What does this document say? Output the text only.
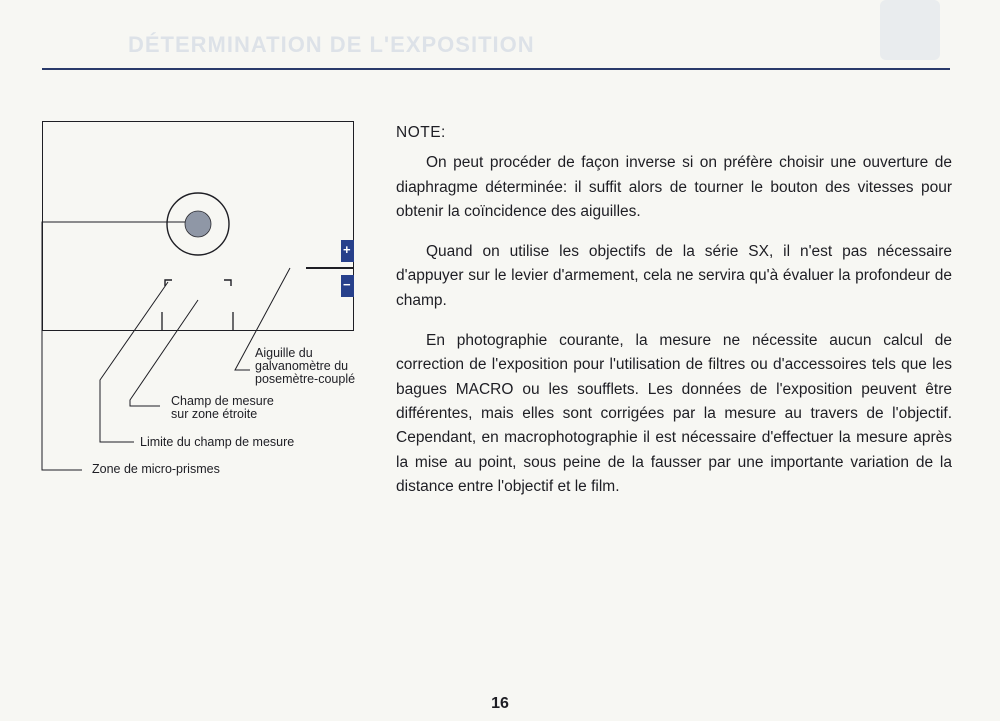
DÉTERMINATION DE L'EXPOSITION
+
−
Aiguille du
galvanomètre du
posemètre-couplé
Champ de mesure
sur zone étroite
Limite du champ de mesure
Zone de micro-prismes

NOTE:

On peut procéder de façon inverse si on préfère choisir une ouverture de diaphragme déterminée: il suffit alors de tourner le bouton des vitesses pour obtenir la coïncidence des aiguilles.

Quand on utilise les objectifs de la série SX, il n'est pas nécessaire d'appuyer sur le levier d'armement, cela ne servira qu'à évaluer la profondeur de champ.

En photographie courante, la mesure ne nécessite aucun calcul de correction de l'exposition pour l'utilisation de filtres ou d'accessoires tels que les bagues MACRO ou les soufflets. Les données de l'exposition peuvent être différentes, mais elles sont corrigées par la mesure au travers de l'objectif. Cependant, en macrophotographie il est nécessaire d'effectuer la mesure après la mise au point, sous peine de la fausser par une importante variation de la distance entre l'objectif et le film.

16
